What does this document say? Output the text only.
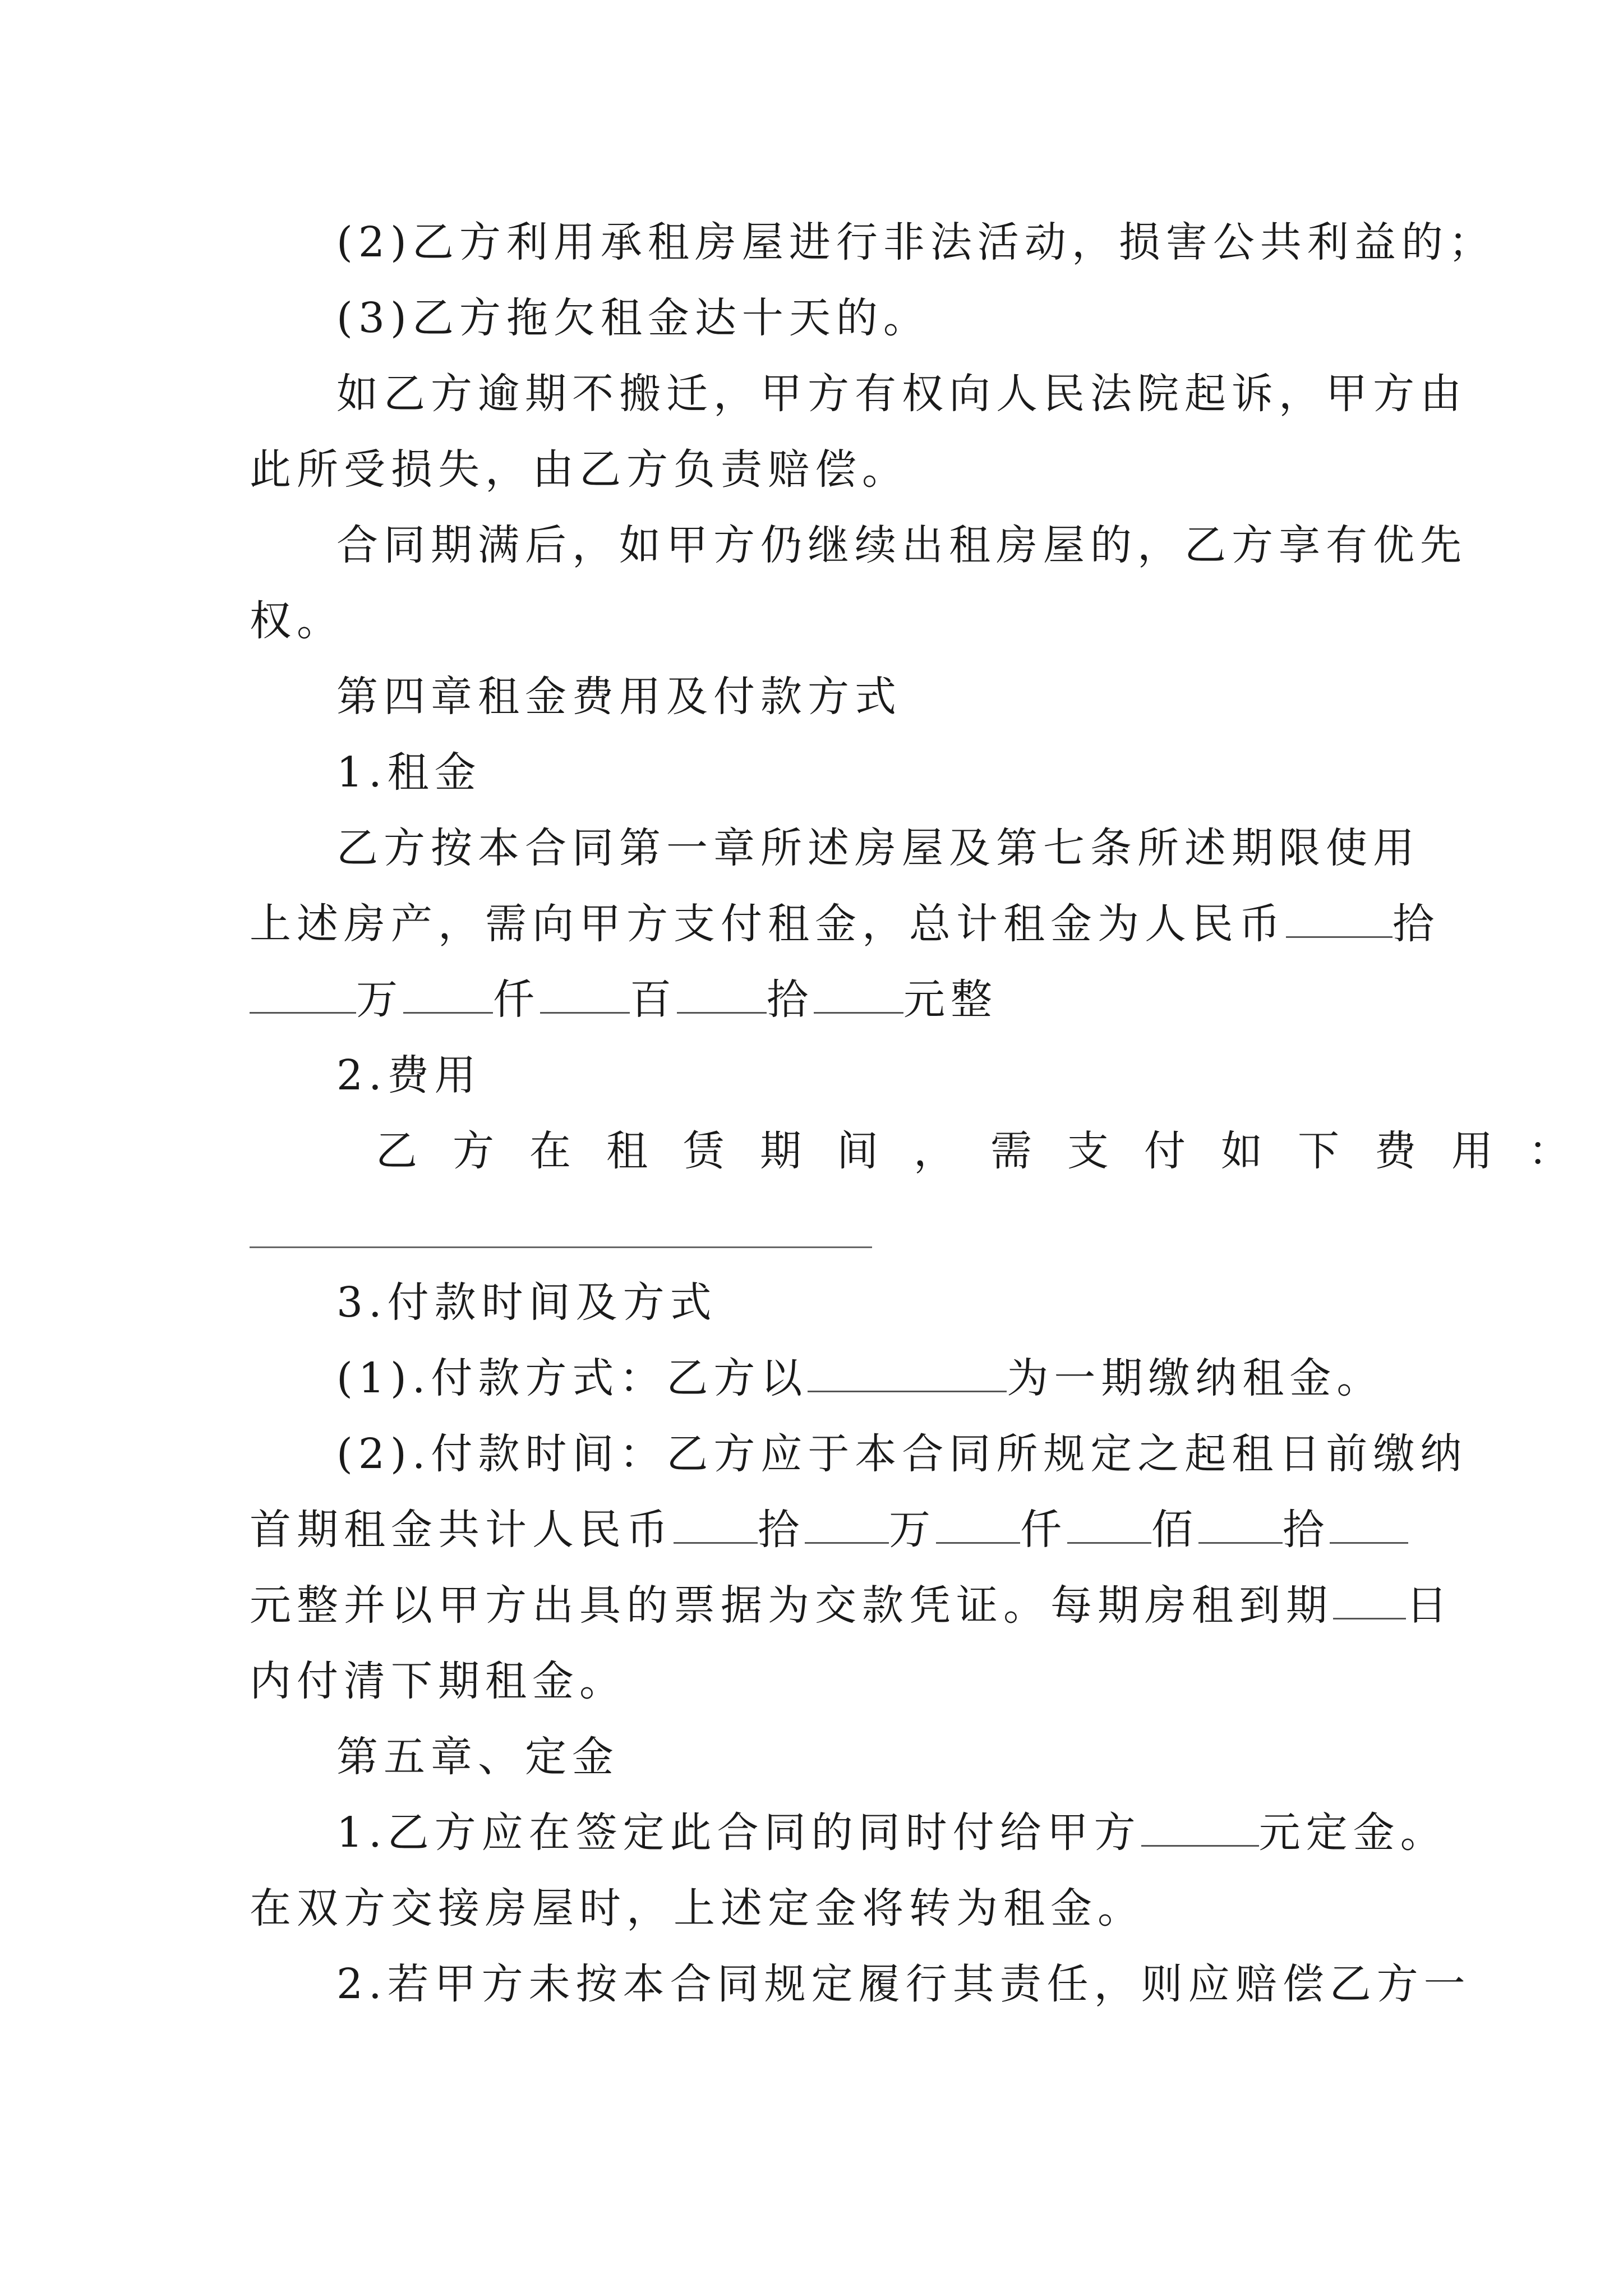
(2)乙方利用承租房屋进行非法活动，损害公共利益的；
(3)乙方拖欠租金达十天的。
如乙方逾期不搬迁，甲方有权向人民法院起诉，甲方由
此所受损失，由乙方负责赔偿。
合同期满后，如甲方仍继续出租房屋的，乙方享有优先
权。
第四章租金费用及付款方式
1.租金
乙方按本合同第一章所述房屋及第七条所述期限使用
上述房产，需向甲方支付租金，总计租金为人民币	拾
万 仟 百 拾 元整
2.费用
乙方在租赁期间，需支付如下费用：
3.付款时间及方式
(1).付款方式：乙方以	为一期缴纳租金。
(2).付款时间：乙方应于本合同所规定之起租日前缴纳
首期租金共计人民币 拾 万 仟 佰 拾
元整并以甲方出具的票据为交款凭证。每期房租到期 日
内付清下期租金。
第五章、定金
1.乙方应在签定此合同的同时付给甲方	元定金。
在双方交接房屋时，上述定金将转为租金。
2.若甲方未按本合同规定履行其责任，则应赔偿乙方一
